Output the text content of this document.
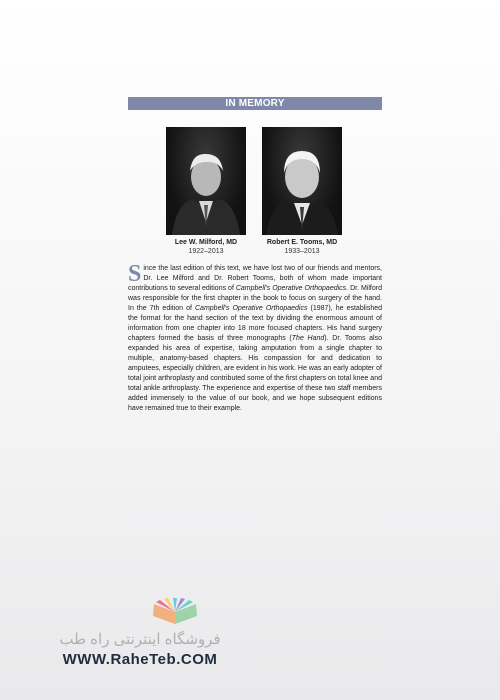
IN MEMORY
Lee W. Milford, MD
1922–2013
Robert E. Tooms, MD
1933–2013
Since the last edition of this text, we have lost two of our friends and mentors, Dr. Lee Milford and Dr. Robert Tooms, both of whom made important contributions to several editions of Campbell's Operative Orthopaedics. Dr. Milford was responsible for the first chapter in the book to focus on surgery of the hand. In the 7th edition of Campbell's Operative Orthopaedics (1987), he established the format for the hand section of the text by dividing the enormous amount of information from one chapter into 18 more focused chapters. His hand surgery chapters formed the basis of three monographs (The Hand). Dr. Tooms also expanded his area of expertise, taking amputation from a single chapter to multiple, anatomy-based chapters. His compassion for and dedication to amputees, especially children, are evident in his work. He was an early adopter of total joint arthroplasty and contributed some of the first chapters on total knee and total ankle arthroplasty. The experience and expertise of these two staff members added immensely to the value of our book, and we hope subsequent editions have remained true to their example.
فروشگاه اینترنتی راه طب
WWW.RaheTeb.COM
